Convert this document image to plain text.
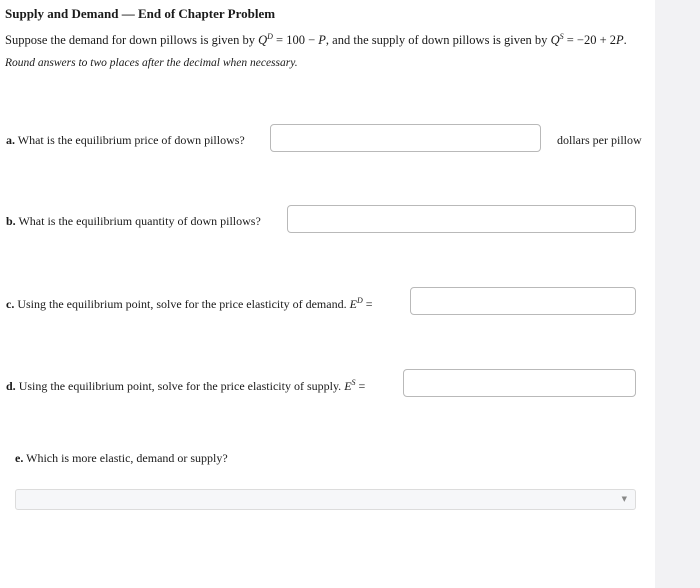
Supply and Demand — End of Chapter Problem
Suppose the demand for down pillows is given by $Q^D = 100 - P$, and the supply of down pillows is given by $Q^S = -20 + 2P$.
Round answers to two places after the decimal when necessary.
a. What is the equilibrium price of down pillows?	dollars per pillow
b. What is the equilibrium quantity of down pillows?
c. Using the equilibrium point, solve for the price elasticity of demand. $E^D$ =
d. Using the equilibrium point, solve for the price elasticity of supply. $E^S$ =
e. Which is more elastic, demand or supply?
▼
